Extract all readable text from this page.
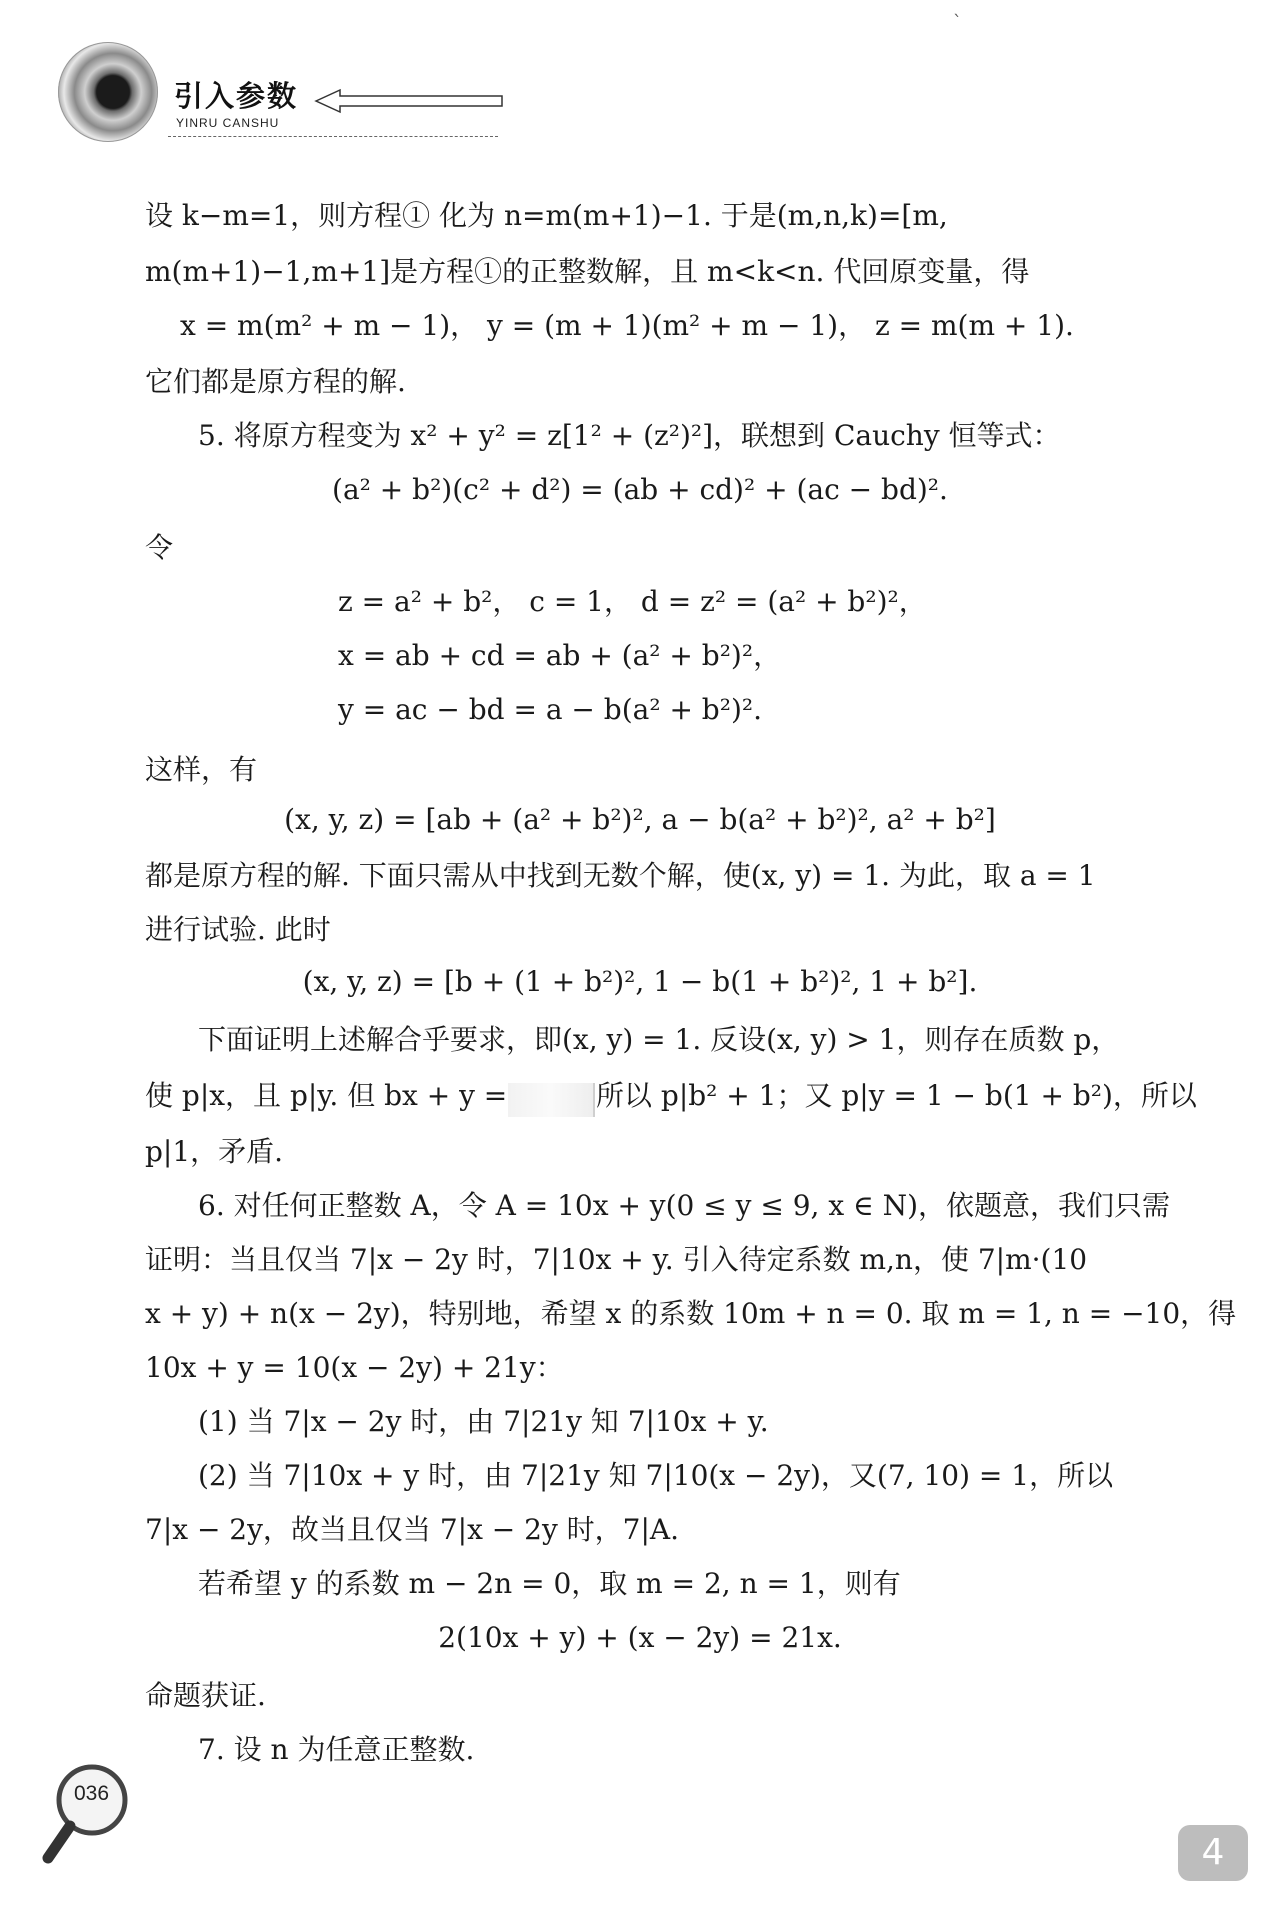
引入参数
YINRU CANSHU
`
设 k−m=1，则方程① 化为 n=m(m+1)−1. 于是(m,n,k)=[m,
m(m+1)−1,m+1]是方程①的正整数解，且 m<k<n. 代回原变量，得
x = m(m² + m − 1)， y = (m + 1)(m² + m − 1)， z = m(m + 1).
它们都是原方程的解.
5. 将原方程变为 x² + y² = z[1² + (z²)²]，联想到 Cauchy 恒等式：
(a² + b²)(c² + d²) = (ab + cd)² + (ac − bd)².
令
z = a² + b²， c = 1， d = z² = (a² + b²)²，
x = ab + cd = ab + (a² + b²)²，
y = ac − bd = a − b(a² + b²)².
这样，有
(x, y, z) = [ab + (a² + b²)², a − b(a² + b²)², a² + b²]
都是原方程的解. 下面只需从中找到无数个解，使(x, y) = 1. 为此，取 a = 1
进行试验. 此时
(x, y, z) = [b + (1 + b²)², 1 − b(1 + b²)², 1 + b²].
下面证明上述解合乎要求，即(x, y) = 1. 反设(x, y) > 1，则存在质数 p，
使 p|x，且 p|y. 但 bx + y =	所以 p|b² + 1；又 p|y = 1 − b(1 + b²)，所以
p|1，矛盾.
6. 对任何正整数 A，令 A = 10x + y(0 ≤ y ≤ 9, x ∈ N)，依题意，我们只需
证明：当且仅当 7|x − 2y 时，7|10x + y. 引入待定系数 m,n，使 7|m·(10
x + y) + n(x − 2y)，特别地，希望 x 的系数 10m + n = 0. 取 m = 1, n = −10，得
10x + y = 10(x − 2y) + 21y：
(1) 当 7|x − 2y 时，由 7|21y 知 7|10x + y.
(2) 当 7|10x + y 时，由 7|21y 知 7|10(x − 2y)，又(7, 10) = 1，所以
7|x − 2y，故当且仅当 7|x − 2y 时，7|A.
若希望 y 的系数 m − 2n = 0，取 m = 2, n = 1，则有
2(10x + y) + (x − 2y) = 21x.
命题获证.
7. 设 n 为任意正整数.
036
4
